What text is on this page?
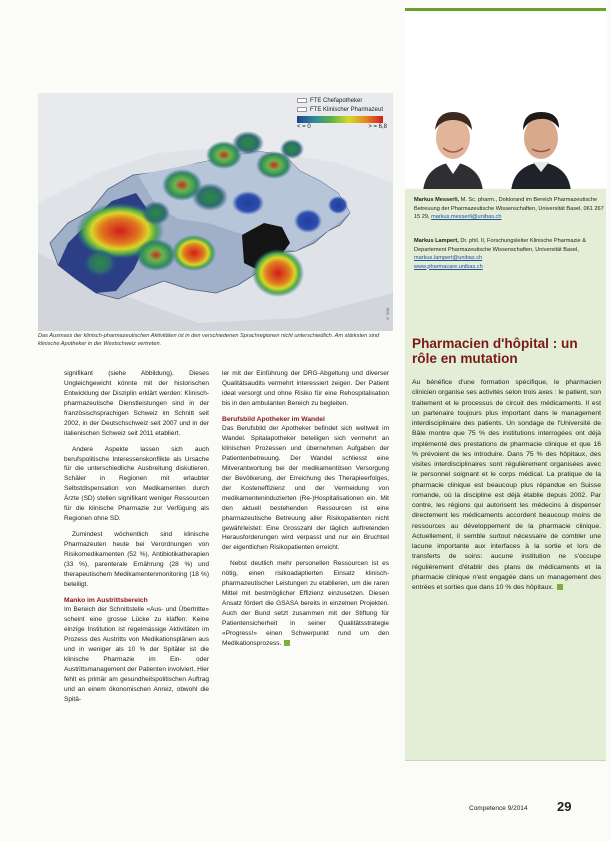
FTE Chefapotheker
FTE Klinischer Pharmazeut
< = 0	> = 6,8
© SIM
Das Ausmass der klinisch-pharmazeutischen Aktivitäten ist in den verschiedenen Sprachregionen nicht unterschiedlich. Am stärksten sind klinische Apotheker in der Westschweiz vertreten.

signifikant (siehe Abbildung). Dieses Ungleichgewicht könnte mit der historischen Entwicklung der Disziplin erklärt werden: Klinisch-pharmazeutische Dienstleistungen sind in der französischsprachigen Schweiz im Schnitt seit 2002, in der Deutschschweiz seit 2007 und in der italienischen Schweiz seit 2011 etabliert.

Andere Aspekte lassen sich auch berufspolitische Interessenskonflikte als Ursache für die unterschiedliche Ausbreitung diskutieren. Schäler in Regionen mit erlaubter Selbstdispensation von Medikamenten durch Ärzte (SD) stellen signifikant weniger Ressourcen für die klinische Pharmazie zur Verfügung als Regionen ohne SD.

Zumindest wöchentlich sind klinische Pharmazeuten heute bei Verordnungen von Risikomedikamenten (52 %), Antibiotikatherapien (33 %), parenterale Ernährung (28 %) und therapeutischem Medikamentenmonitoring (18 %) beteiligt.

Manko im Austrittsbereich

Im Bereich der Schnittstelle «Aus- und Übertritte» scheint eine grosse Lücke zu klaffen: Keine einzige Institution ist regelmässige Aktivitäten im Prozess des Austritts von Medikationsplänen aus und in weniger als 10 % der Spitäler ist die klinische Pharmazie im Ein- oder Austrittsmanagement der Patienten involviert. Hier fehlt es primär am gesundheitspolitischen Auftrag und an einem ökonomischen Anreiz, obwohl die Spitä-

ler mit der Einführung der DRG-Abgeltung und diverser Qualitätsaudits vermehrt interessiert zeigen. Der Patient ideal versorgt und ohne Risiko für eine Rehospitalisation bis in den ambulanten Bereich zu begleiten.

Berufsbild Apotheker im Wandel

Das Berufsbild der Apotheker befindet sich weltweit im Wandel. Spitalapotheker beteiligen sich vermehrt an klinischen Prozessen und übernehmen Aufgaben der Patientenbetreuung. Der Wandel schliesst eine Mitverantwortung bei der medikamentösen Versorgung der Bevölkerung, der Erreichung des Therapieerfolges, der Kosteneffizienz und der Vermeidung von medikamenteninduzierten (Re-)Hospitalisationen ein. Mit den aktuell bestehenden Ressourcen ist eine pharmazeutische Betreuung aller Risikopatienten nicht gewährleistet: Eine Grosszahl der täglich auftretenden Herausforderungen wird verpasst und nur ein Bruchteil der eigentlichen Risikopatienten erreicht.

Nebst deutlich mehr personellen Ressourcen ist es nötig, einen risikoadaptierten Einsatz klinisch-pharmazeutischer Leistungen zu etablieren, um die raren Mittel mit bestmöglicher Effizienz einzusetzen. Diesen Ansatz fördert die GSASA bereits in einzelnen Projekten. Auch der Bund setzt zusammen mit der Stiftung für Patientensicherheit in seiner Qualitätsstrategie «Progress!» einen Schwerpunkt rund um den Medikationsprozess.

Markus Messerli, M. Sc. pharm., Doktorand im Bereich Pharmazeutische Betreuung der Pharmazeutische Wissenschaften, Universität Basel, 061 267 15 29, markus.messerli@unibas.ch
Markus Lampert, Dr. phil. II, Forschungsleiter Klinische Pharmazie & Departement Pharmazeutische Wissenschaften, Universität Basel,
markus.lampert@unibas.ch
www.pharmacare.unibas.ch
Pharmacien d'hôpital : un rôle en mutation
Au bénéfice d'une formation spécifique, le pharmacien clinicien organise ses activités selon trois axes : le patient, son traitement et le processus de circuit des médicaments. Il est un partenaire toujours plus important dans le management interdisciplinaire des patients. Un sondage de l'Université de Bâle montre que 75 % des institutions interrogées ont déjà implémenté des prestations de pharmacie clinique et que 16 % prévoient de les introduire. Dans 75 % des hôpitaux, des visites interdisciplinaires sont régulièrement organisées avec le personnel soignant et le corps médical. La pratique de la pharmacie clinique est beaucoup plus répandue en Suisse romande, où la discipline est déjà établie depuis 2002. Par contre, les régions qui autorisent les médecins à dispenser directement les médicaments accordent beaucoup moins de ressources au développement de la pharmacie clinique. Actuellement, il semble surtout nécessaire de combler une lacune importante aux interfaces à la sortie et lors de transferts de soins: aucune institution ne s'occupe régulièrement d'établir des plans de médicaments et la pharmacie clinique n'est engagée dans un management des entrées et sorties que dans 10 % des hôpitaux.
Competence 9/2014 29
